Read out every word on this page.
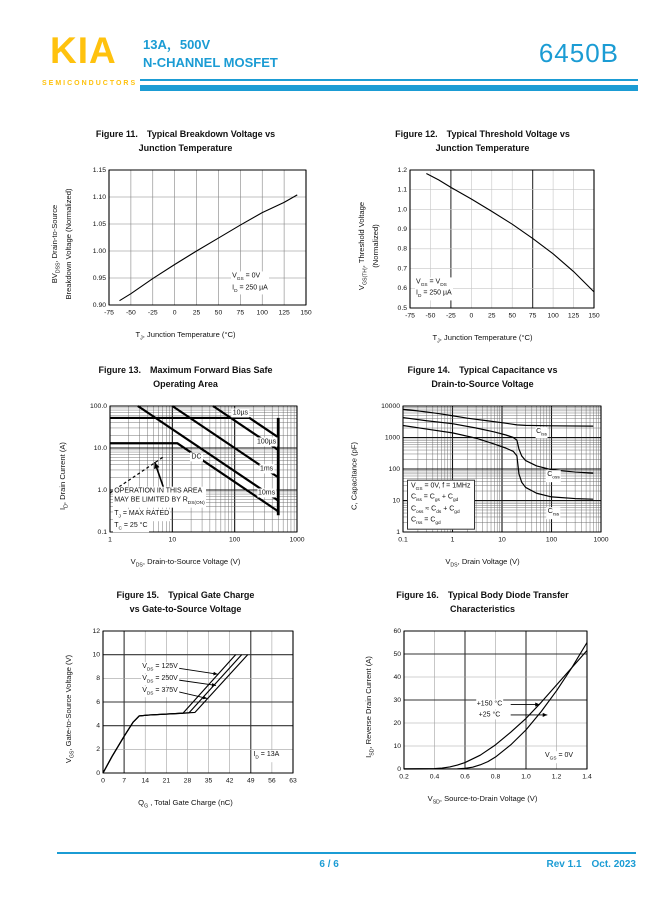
KIA
SEMICONDUCTORS
13A，500V
N-CHANNEL MOSFET	6450B
Figure 11.  Typical Breakdown Voltage vs
Junction Temperature
$BV_{DSS}$, Drain-to-Source Breakdown Voltage (Normalized)	$V_{GS} = 0V$
$I_D = 250$ µA
$T_J$, Junction Temperature (°C)
Figure 12.  Typical Threshold Voltage vs
Junction Temperature
$V_{GS(TH)}$, Threshold Voltage (Normalized)
$V_{GS} = V_{DS}$
$I_D = 250$ µA
$T_J$, Junction Temperature (°C)
Figure 13.  Maximum Forward Bias Safe
Operating Area
$I_D$, Drain Current (A)	OPERATION IN THIS AREA
MAY BE LIMITED BY $R_{DS(ON)}$
$T_J$ = MAX RATED
$T_C = 25$ °C
10µs
100µs
1ms
10ms
DC
$V_{DS}$, Drain-to-Source Voltage (V)
Figure 14.  Typical Capacitance vs
Drain-to-Source Voltage
C, Capacitance (pF)	$V_{GS} = 0V$, f = 1MHz
$C_{iss} = C_{gs} + C_{gd}$
$C_{oss} \approx C_{ds} + C_{gd}$
$C_{rss} = C_{gd}$
$C_{iss}$
$C_{oss}$
$C_{rss}$
$V_{DS}$, Drain Voltage (V)
Figure 15.  Typical Gate Charge
vs Gate-to-Source Voltage
$V_{GS}$, Gate-to-Source Voltage (V)	$V_{DS} = 125V$
$V_{DS} = 250V$
$V_{DS} = 375V$
$I_D = 13A$
$Q_G$ , Total Gate Charge (nC)
Figure 16.  Typical Body Diode Transfer
Characteristics
$I_{SD}$, Reverse Drain Current (A)	+150 °C
+25 °C
$V_{GS} = 0V$
$V_{SD}$, Source-to-Drain Voltage (V)
6 / 6	Rev 1.1 Oct. 2023
